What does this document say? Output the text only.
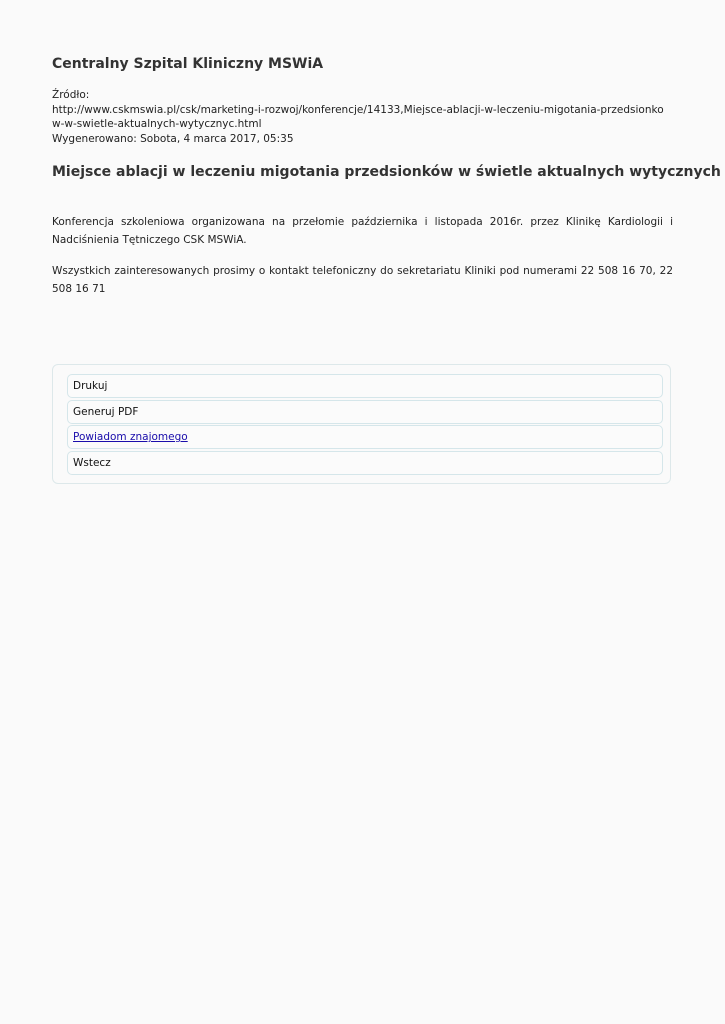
Centralny Szpital Kliniczny MSWiA
Źródło:
http://www.cskmswia.pl/csk/marketing-i-rozwoj/konferencje/14133,Miejsce-ablacji-w-leczeniu-migotania-przedsionkow-w-swietle-aktualnych-wytycznyc.html
Wygenerowano: Sobota, 4 marca 2017, 05:35
Miejsce ablacji w leczeniu migotania przedsionków w świetle aktualnych wytycznych

Konferencja szkoleniowa organizowana na przełomie października i listopada 2016r. przez Klinikę Kardiologii i Nadciśnienia Tętniczego CSK MSWiA.

Wszystkich zainteresowanych prosimy o kontakt telefoniczny do sekretariatu Kliniki pod numerami 22 508 16 70, 22 508 16 71

Drukuj
Generuj PDF
Powiadom znajomego
Wstecz
